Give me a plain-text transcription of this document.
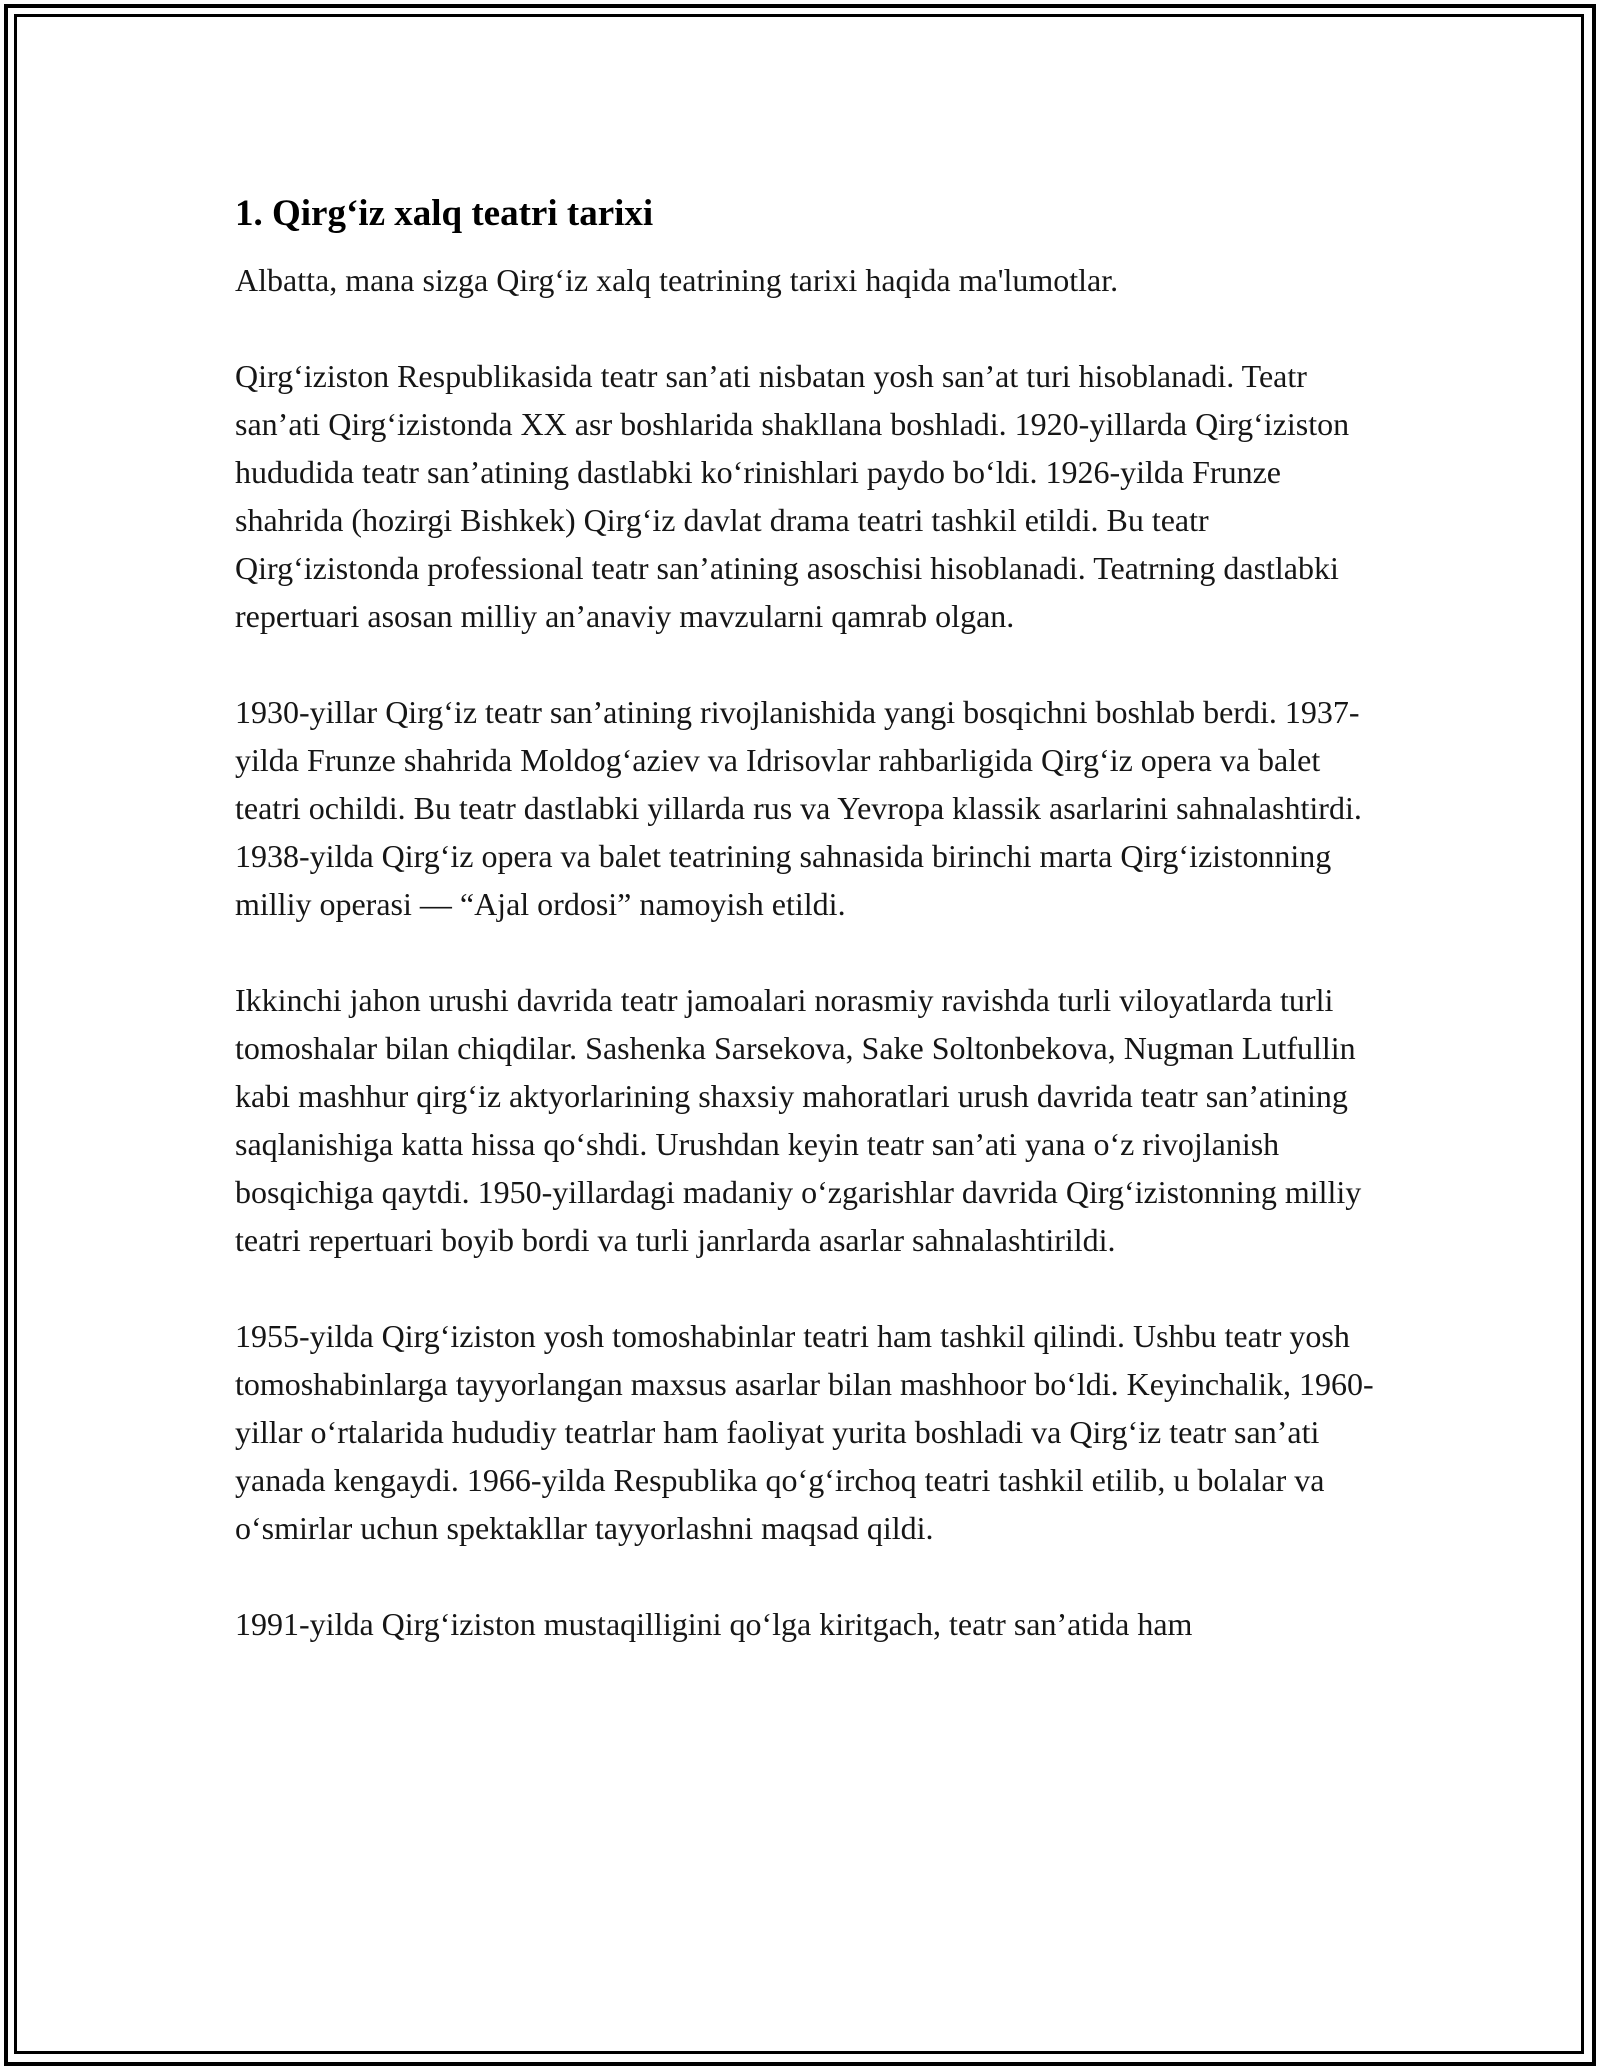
1. Qirg‘iz xalq teatri tarixi

Albatta, mana sizga Qirg‘iz xalq teatrining tarixi haqida ma'lumotlar.

Qirg‘iziston Respublikasida teatr san’ati nisbatan yosh san’at turi hisoblanadi. Teatr san’ati Qirg‘izistonda XX asr boshlarida shakllana boshladi. 1920-yillarda Qirg‘iziston hududida teatr san’atining dastlabki ko‘rinishlari paydo bo‘ldi. 1926-yilda Frunze shahrida (hozirgi Bishkek) Qirg‘iz davlat drama teatri tashkil etildi. Bu teatr Qirg‘izistonda professional teatr san’atining asoschisi hisoblanadi. Teatrning dastlabki repertuari asosan milliy an’anaviy mavzularni qamrab olgan.

1930-yillar Qirg‘iz teatr san’atining rivojlanishida yangi bosqichni boshlab berdi. 1937-yilda Frunze shahrida Moldog‘aziev va Idrisovlar rahbarligida Qirg‘iz opera va balet teatri ochildi. Bu teatr dastlabki yillarda rus va Yevropa klassik asarlarini sahnalashtirdi. 1938-yilda Qirg‘iz opera va balet teatrining sahnasida birinchi marta Qirg‘izistonning milliy operasi — “Ajal ordosi” namoyish etildi.

Ikkinchi jahon urushi davrida teatr jamoalari norasmiy ravishda turli viloyatlarda turli tomoshalar bilan chiqdilar. Sashenka Sarsekova, Sake Soltonbekova, Nugman Lutfullin kabi mashhur qirg‘iz aktyorlarining shaxsiy mahoratlari urush davrida teatr san’atining saqlanishiga katta hissa qo‘shdi. Urushdan keyin teatr san’ati yana o‘z rivojlanish bosqichiga qaytdi. 1950-yillardagi madaniy o‘zgarishlar davrida Qirg‘izistonning milliy teatri repertuari boyib bordi va turli janrlarda asarlar sahnalashtirildi.

1955-yilda Qirg‘iziston yosh tomoshabinlar teatri ham tashkil qilindi. Ushbu teatr yosh tomoshabinlarga tayyorlangan maxsus asarlar bilan mashhoor bo‘ldi. Keyinchalik, 1960-yillar o‘rtalarida hududiy teatrlar ham faoliyat yurita boshladi va Qirg‘iz teatr san’ati yanada kengaydi. 1966-yilda Respublika qo‘g‘irchoq teatri tashkil etilib, u bolalar va o‘smirlar uchun spektakllar tayyorlashni maqsad qildi.

1991-yilda Qirg‘iziston mustaqilligini qo‘lga kiritgach, teatr san’atida ham
